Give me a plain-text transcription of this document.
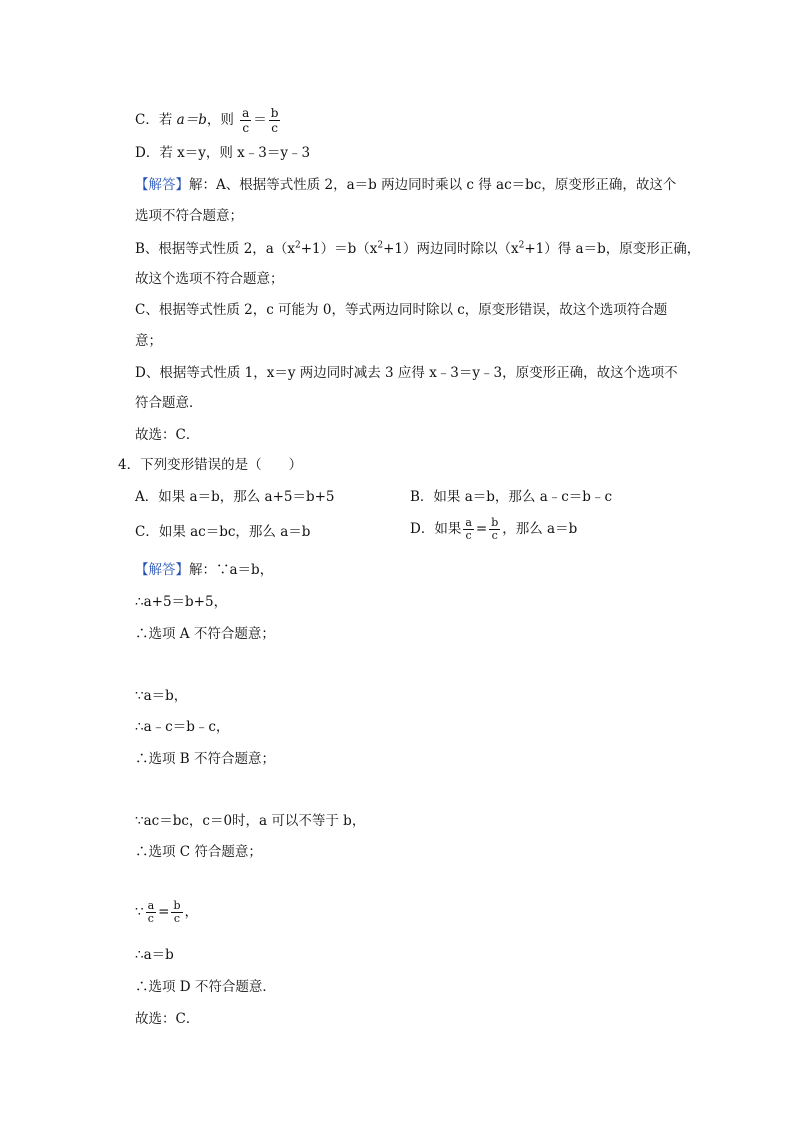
C．若 a＝b，则 $\frac{a}{c} = \frac{b}{c}$
D．若 x＝y，则 x﹣3＝y﹣3
【解答】解：A、根据等式性质 2，a＝b 两边同时乘以 c 得 ac＝bc，原变形正确，故这个
选项不符合题意；
B、根据等式性质 2，$a(x^2+1)=b(x^2+1)$两边同时除以$(x^2+1)$得 a＝b，原变形正确，
故这个选项不符合题意；
C、根据等式性质 2，c 可能为 0，等式两边同时除以 c，原变形错误，故这个选项符合题
意；
D、根据等式性质 1，x＝y 两边同时减去 3 应得 x﹣3＝y﹣3，原变形正确，故这个选项不
符合题意．
故选：C．
4．下列变形错误的是（　　）
A．如果 a＝b，那么 a+5＝b+5	B．如果 a＝b，那么 a﹣c＝b﹣c
C．如果 ac＝bc，那么 a＝b	D．如果 $\frac{a}{c} = \frac{b}{c}$ ，那么 a＝b
【解答】解：∵a＝b，
∴a+5＝b+5，
∴选项 A 不符合题意；
∵a＝b，
∴a﹣c＝b﹣c，
∴选项 B 不符合题意；
∵ac＝bc，c＝0时，a 可以不等于 b，
∴选项 C 符合题意；
∵ $\frac{a}{c} = \frac{b}{c}$ ，
∴a＝b
∴选项 D 不符合题意．
故选：C．
